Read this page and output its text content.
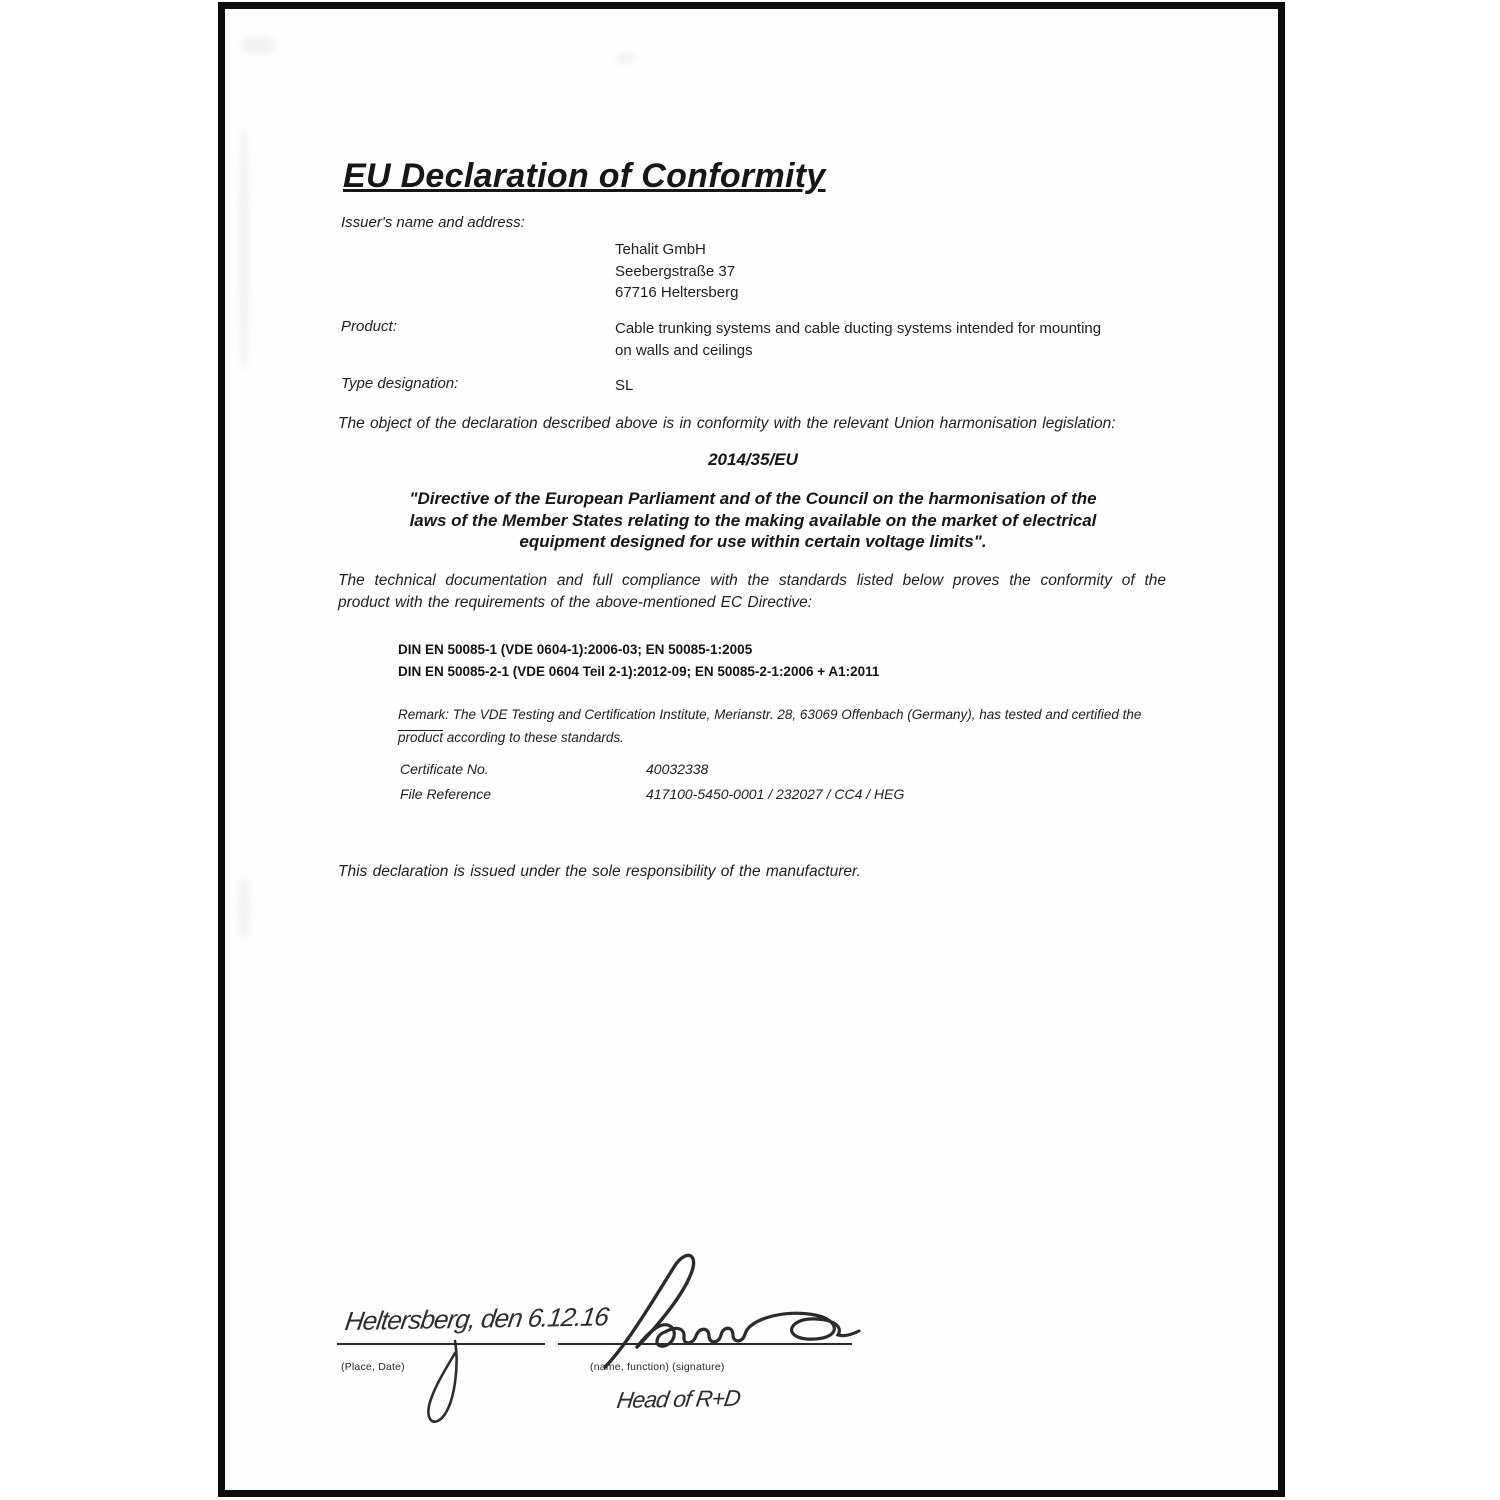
EU Declaration of Conformity
Issuer's name and address:
Tehalit GmbH
Seebergstraße 37
67716 Heltersberg
Product:	Cable trunking systems and cable ducting systems intended for mounting
on walls and ceilings
Type designation:	SL
The object of the declaration described above is in conformity with the relevant Union harmonisation legislation:
2014/35/EU
"Directive of the European Parliament and of the Council on the harmonisation of the
laws of the Member States relating to the making available on the market of electrical
equipment designed for use within certain voltage limits".
The technical documentation and full compliance with the standards listed below proves the conformity of the
product with the requirements of the above-mentioned EC Directive:
DIN EN 50085-1 (VDE 0604-1):2006-03; EN 50085-1:2005
DIN EN 50085-2-1 (VDE 0604 Teil 2-1):2012-09; EN 50085-2-1:2006 + A1:2011
Remark: The VDE Testing and Certification Institute, Merianstr. 28, 63069 Offenbach (Germany), has tested and certified the
product according to these standards.
Certificate No.	40032338
File Reference	417100-5450-0001 / 232027 / CC4 / HEG
This declaration is issued under the sole responsibility of the manufacturer.
Heltersberg, den 6.12.16
(Place, Date)	(name, function) (signature)
Head of R+D
